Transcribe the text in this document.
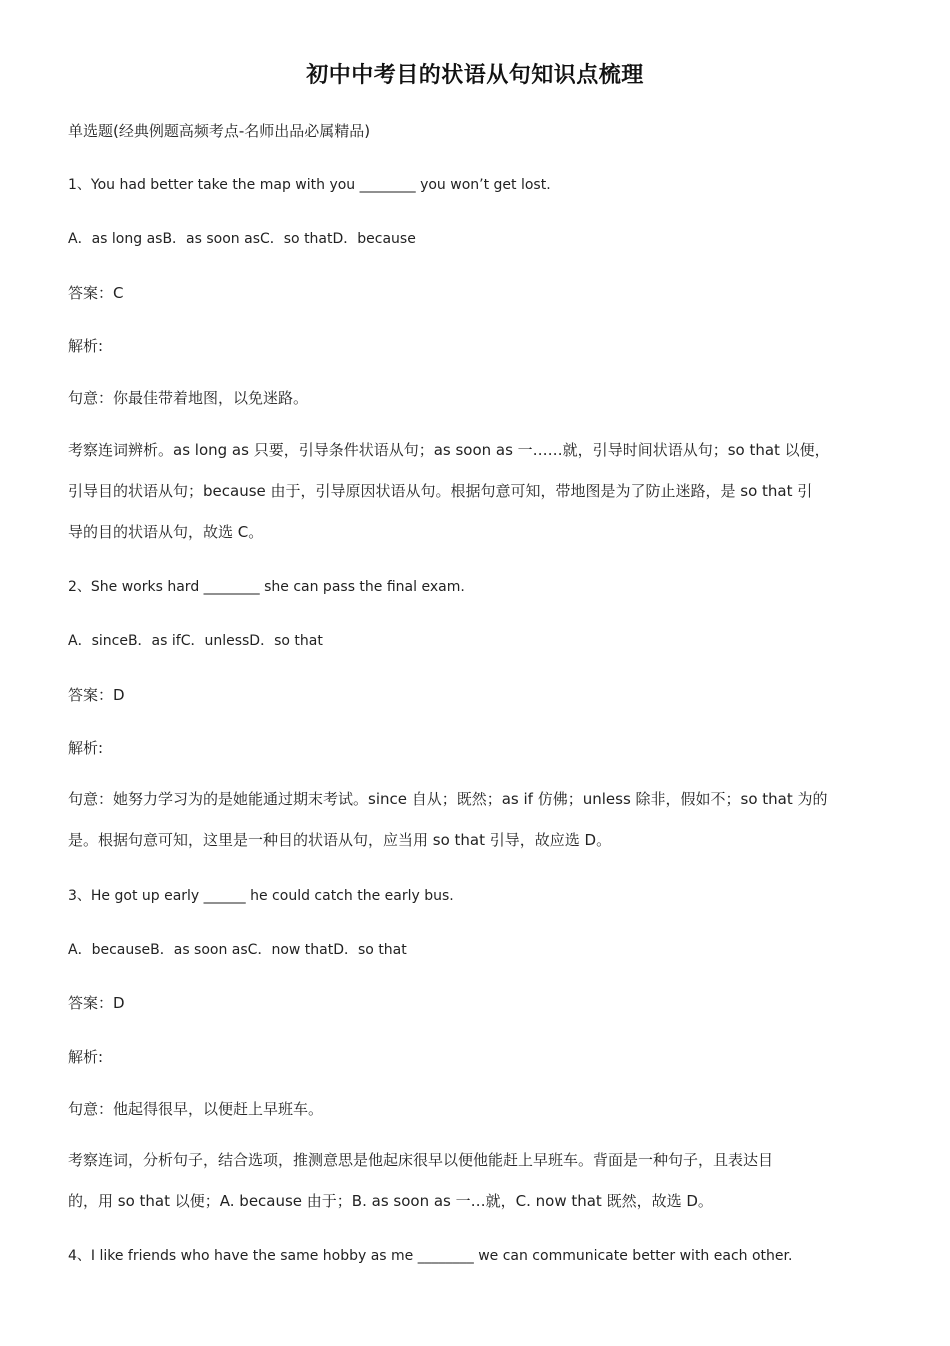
初中中考目的状语从句知识点梳理
单选题(经典例题高频考点-名师出品必属精品)
1、You had better take the map with you ________ you won’t get lost.
A．as long asB．as soon asC．so thatD．because
答案：C
解析:
句意：你最佳带着地图，以免迷路。
考察连词辨析。as long as 只要，引导条件状语从句；as soon as 一……就，引导时间状语从句；so that 以便，
引导目的状语从句；because 由于，引导原因状语从句。根据句意可知，带地图是为了防止迷路，是 so that 引
导的目的状语从句，故选 C。
2、She works hard ________ she can pass the final exam.
A．sinceB．as ifC．unlessD．so that
答案：D
解析:
句意：她努力学习为的是她能通过期末考试。since 自从；既然；as if 仿佛；unless 除非，假如不；so that 为的
是。根据句意可知，这里是一种目的状语从句，应当用 so that 引导，故应选 D。
3、He got up early ______ he could catch the early bus.
A．becauseB．as soon asC．now thatD．so that
答案：D
解析:
句意：他起得很早，以便赶上早班车。
考察连词，分析句子，结合选项，推测意思是他起床很早以便他能赶上早班车。背面是一种句子，且表达目
的，用 so that 以便；A. because 由于；B. as soon as 一…就，C. now that 既然，故选 D。
4、I like friends who have the same hobby as me ________ we can communicate better with each other.
